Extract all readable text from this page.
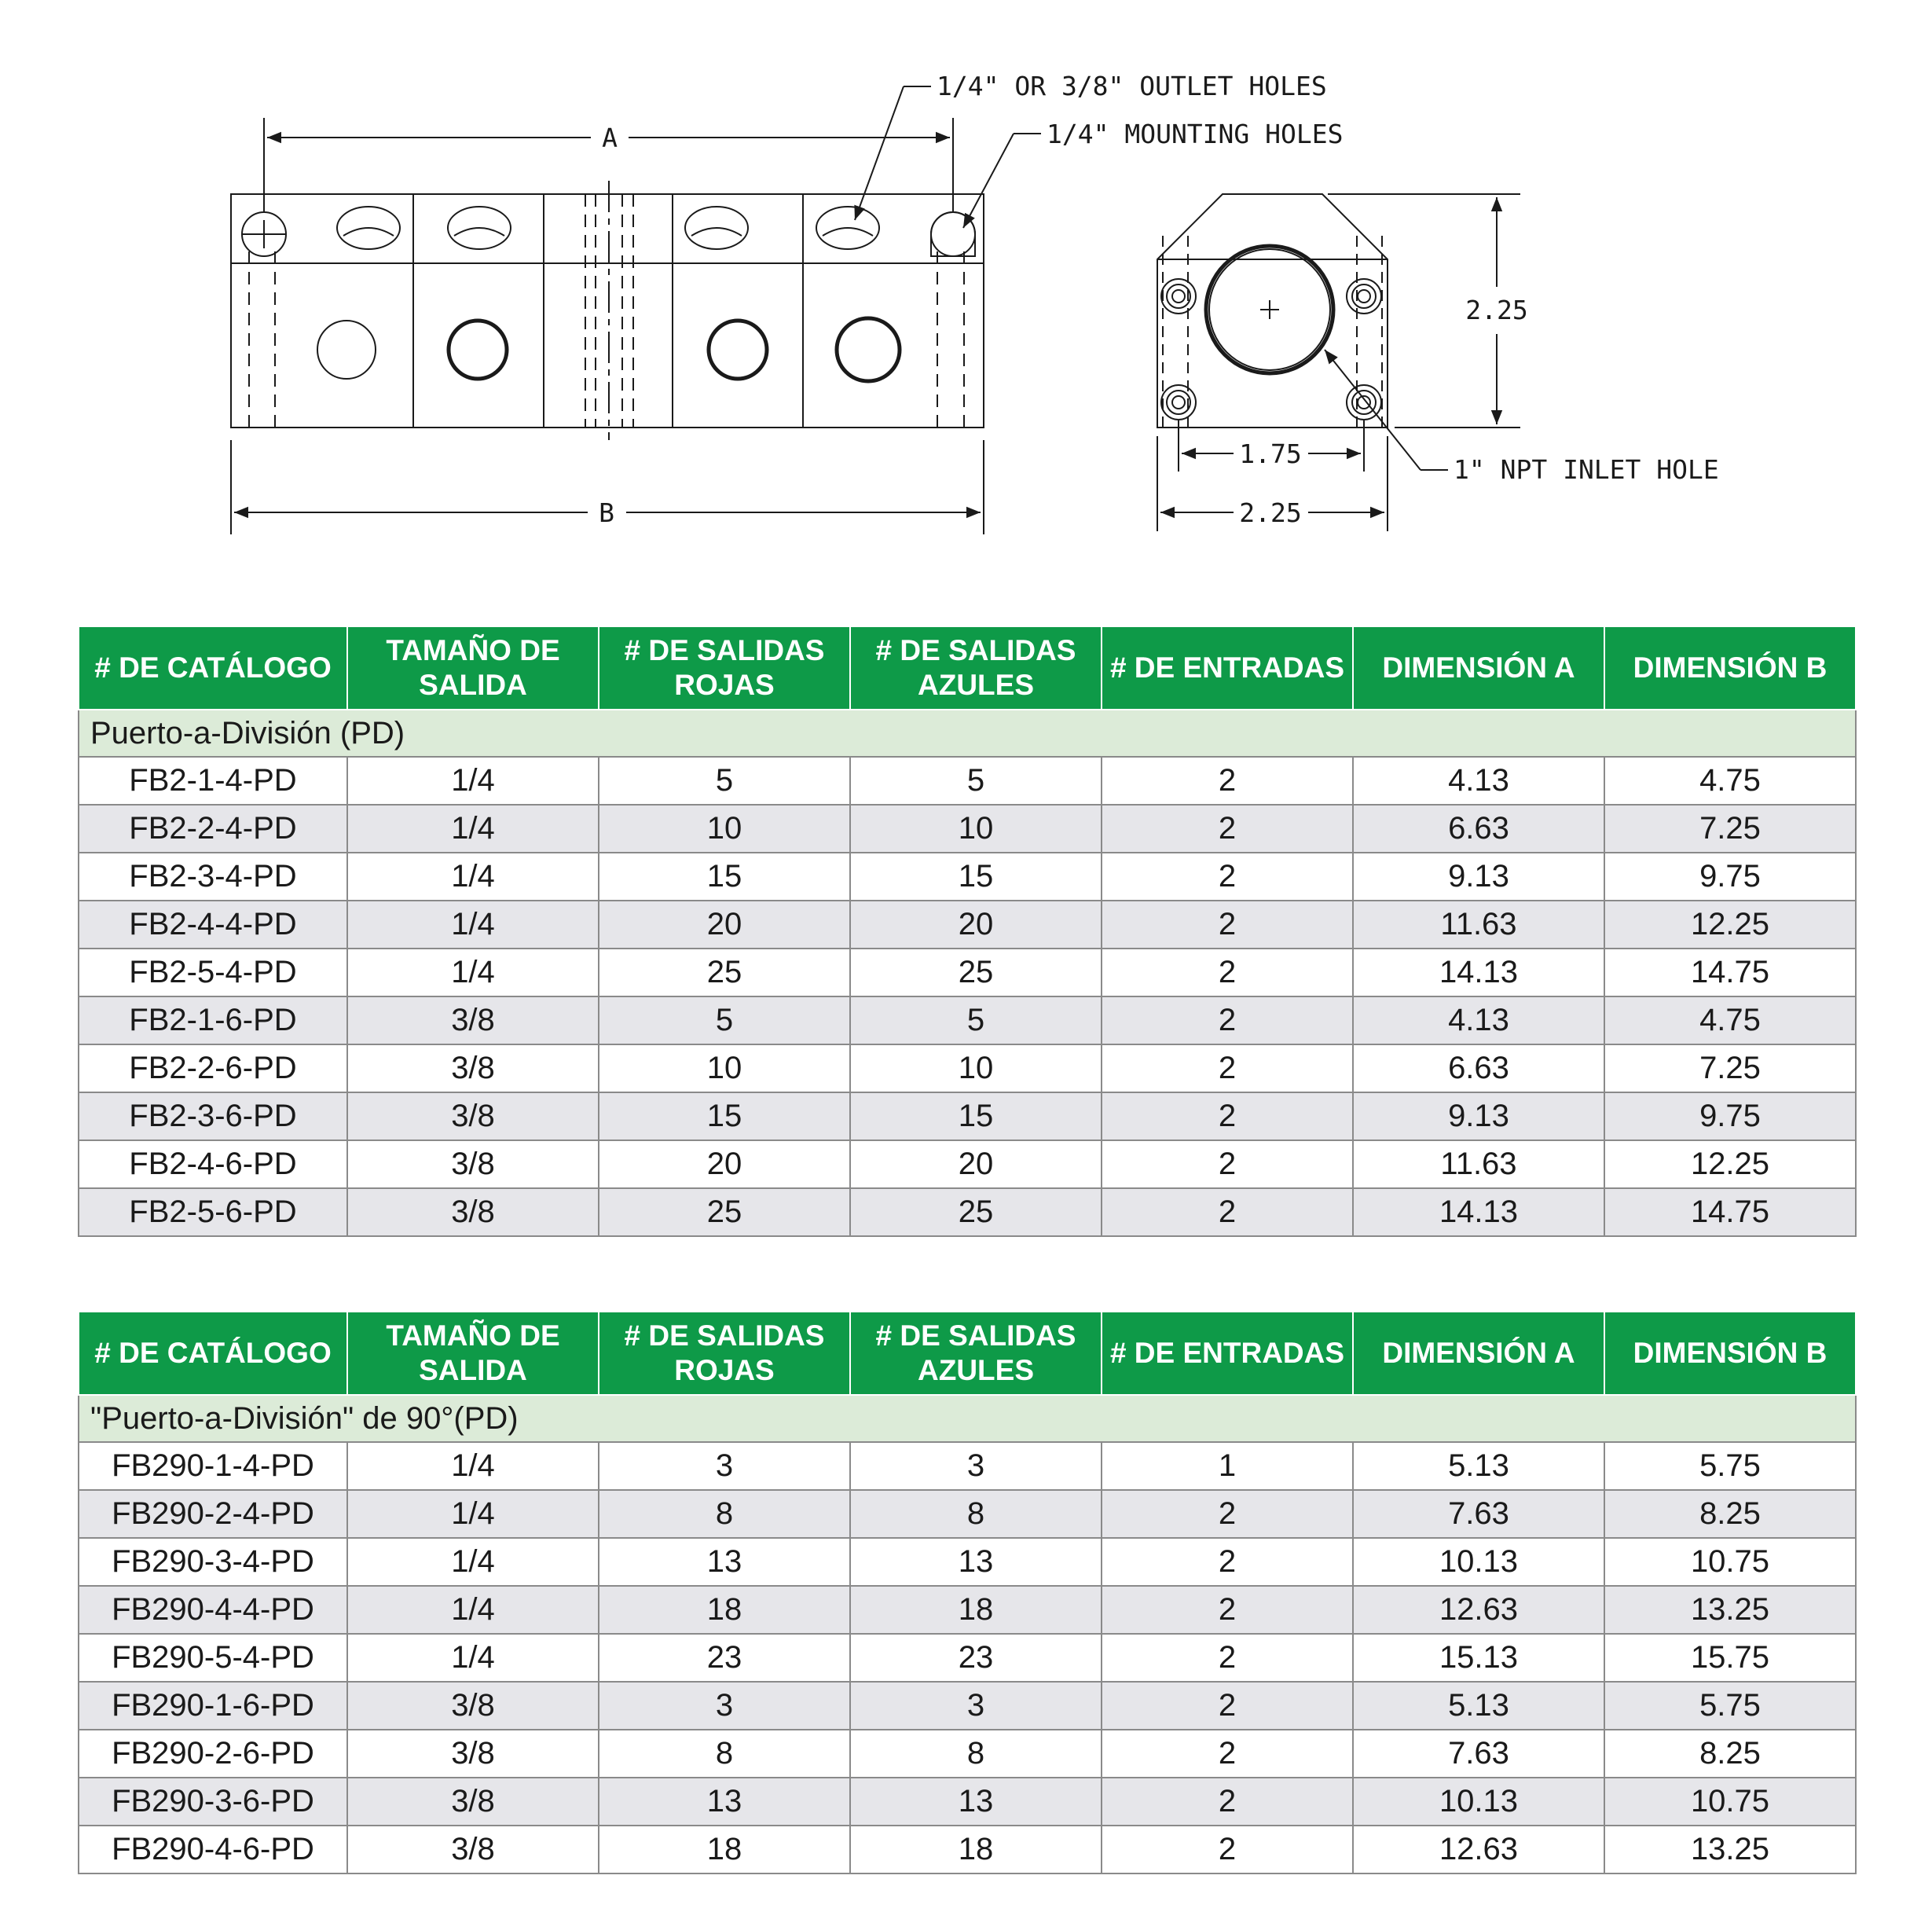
A
B
1/4" OR 3/8" OUTLET HOLES
1/4" MOUNTING HOLES
2.25
1.75
2.25
1" NPT INLET HOLE
# DE CATÁLOGO	TAMAÑO DE SALIDA	# DE SALIDAS ROJAS	# DE SALIDAS AZULES	# DE ENTRADAS	DIMENSIÓN A	DIMENSIÓN B
Puerto-a-División (PD)						
FB2-1-4-PD	1/4	5	5	2	4.13	4.75
FB2-2-4-PD	1/4	10	10	2	6.63	7.25
FB2-3-4-PD	1/4	15	15	2	9.13	9.75
FB2-4-4-PD	1/4	20	20	2	11.63	12.25
FB2-5-4-PD	1/4	25	25	2	14.13	14.75
FB2-1-6-PD	3/8	5	5	2	4.13	4.75
FB2-2-6-PD	3/8	10	10	2	6.63	7.25
FB2-3-6-PD	3/8	15	15	2	9.13	9.75
FB2-4-6-PD	3/8	20	20	2	11.63	12.25
FB2-5-6-PD	3/8	25	25	2	14.13	14.75
# DE CATÁLOGO	TAMAÑO DE SALIDA	# DE SALIDAS ROJAS	# DE SALIDAS AZULES	# DE ENTRADAS	DIMENSIÓN A	DIMENSIÓN B
"Puerto-a-División" de 90°(PD)						
FB290-1-4-PD	1/4	3	3	1	5.13	5.75
FB290-2-4-PD	1/4	8	8	2	7.63	8.25
FB290-3-4-PD	1/4	13	13	2	10.13	10.75
FB290-4-4-PD	1/4	18	18	2	12.63	13.25
FB290-5-4-PD	1/4	23	23	2	15.13	15.75
FB290-1-6-PD	3/8	3	3	2	5.13	5.75
FB290-2-6-PD	3/8	8	8	2	7.63	8.25
FB290-3-6-PD	3/8	13	13	2	10.13	10.75
FB290-4-6-PD	3/8	18	18	2	12.63	13.25
